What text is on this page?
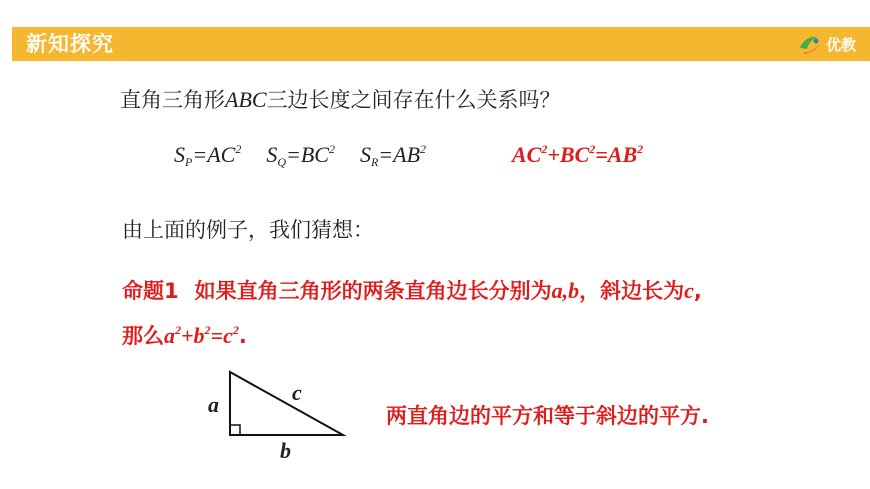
新知探究	优教
直角三角形ABC三边长度之间存在什么关系吗？
$S_P=AC^2$ $S_Q=BC^2$ $S_R=AB^2$	$AC^2+BC^2=AB^2$
由上面的例子，我们猜想：
命题1 如果直角三角形的两条直角边长分别为a,b，斜边长为c,
那么$a^2+b^2=c^2$.
a
b
c
两直角边的平方和等于斜边的平方.
